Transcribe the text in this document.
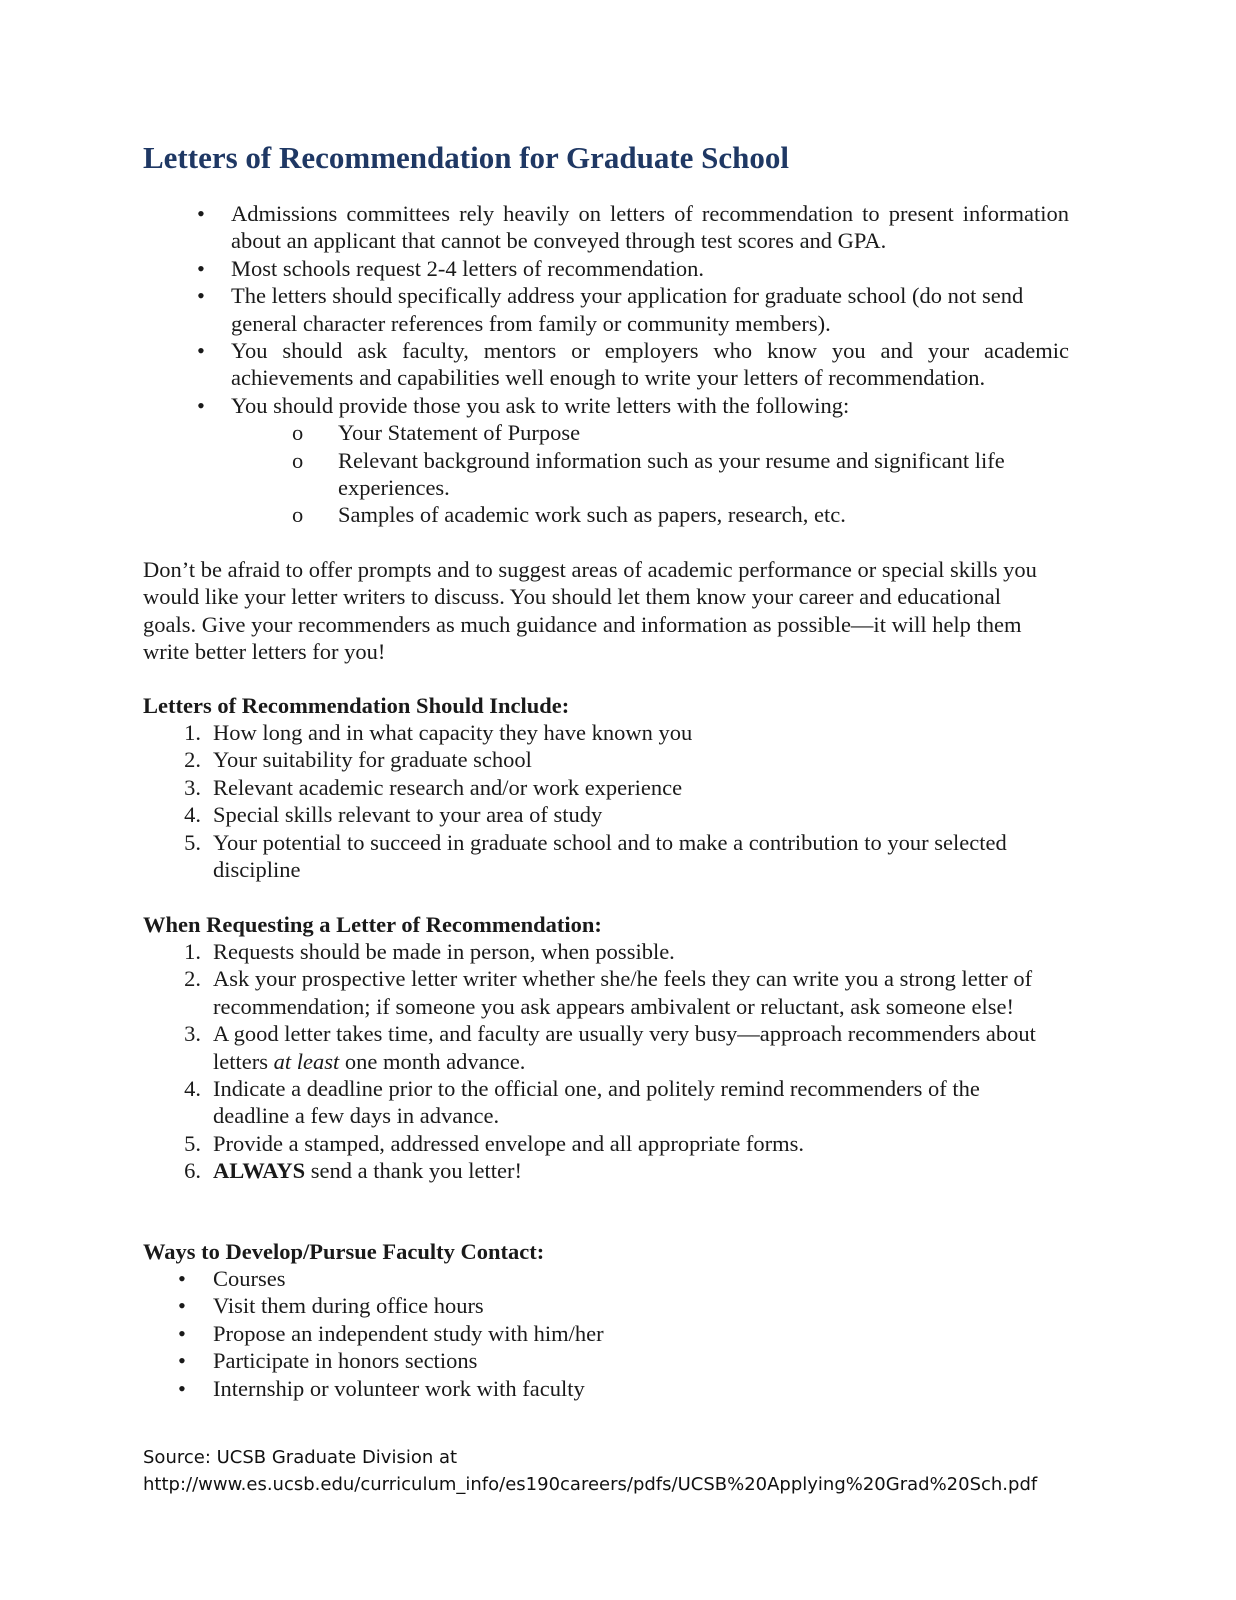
Letters of Recommendation for Graduate School
•	Admissions committees rely heavily on letters of recommendation to present information about an applicant that cannot be conveyed through test scores and GPA.
•	Most schools request 2-4 letters of recommendation.
•	The letters should specifically address your application for graduate school (do not send general character references from family or community members).
•	You should ask faculty, mentors or employers who know you and your academic achievements and capabilities well enough to write your letters of recommendation.
•	You should provide those you ask to write letters with the following:
o	Your Statement of Purpose
o	Relevant background information such as your resume and significant life experiences.
o	Samples of academic work such as papers, research, etc.

Don’t be afraid to offer prompts and to suggest areas of academic performance or special skills you would like your letter writers to discuss. You should let them know your career and educational goals. Give your recommenders as much guidance and information as possible—it will help them write better letters for you!

Letters of Recommendation Should Include:
1. How long and in what capacity they have known you
2. Your suitability for graduate school
3. Relevant academic research and/or work experience
4. Special skills relevant to your area of study
5. Your potential to succeed in graduate school and to make a contribution to your selected discipline
When Requesting a Letter of Recommendation:
1. Requests should be made in person, when possible.
2. Ask your prospective letter writer whether she/he feels they can write you a strong letter of recommendation; if someone you ask appears ambivalent or reluctant, ask someone else!
3. A good letter takes time, and faculty are usually very busy—approach recommenders about letters at least one month advance.
4. Indicate a deadline prior to the official one, and politely remind recommenders of the deadline a few days in advance.
5. Provide a stamped, addressed envelope and all appropriate forms.
6. ALWAYS send a thank you letter!
Ways to Develop/Pursue Faculty Contact:
•	Courses
•	Visit them during office hours
•	Propose an independent study with him/her
•	Participate in honors sections
•	Internship or volunteer work with faculty
Source: UCSB Graduate Division at
http://www.es.ucsb.edu/curriculum_info/es190careers/pdfs/UCSB%20Applying%20Grad%20Sch.pdf
